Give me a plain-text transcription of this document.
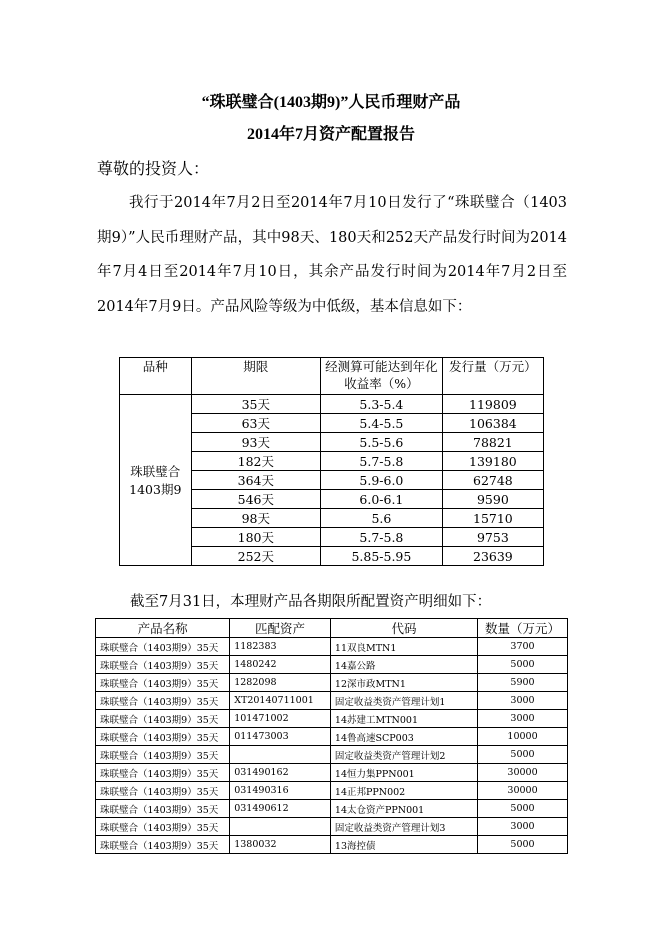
“珠联璧合(1403期9)”人民币理财产品
2014年7月资产配置报告
尊敬的投资人：
我行于2014年7月2日至2014年7月10日发行了“珠联璧合（1403期9）”人民币理财产品，其中98天、180天和252天产品发行时间为2014年7月4日至2014年7月10日，其余产品发行时间为2014年7月2日至2014年7月9日。产品风险等级为中低级，基本信息如下：
品种	期限	经测算可能达到年化收益率（%）	发行量（万元）
珠联璧合1403期9	35天	5.3-5.4	119809
	63天	5.4-5.5	106384
	93天	5.5-5.6	78821
	182天	5.7-5.8	139180
	364天	5.9-6.0	62748
	546天	6.0-6.1	9590
	98天	5.6	15710
	180天	5.7-5.8	9753
	252天	5.85-5.95	23639
截至7月31日，本理财产品各期限所配置资产明细如下：
产品名称	匹配资产	代码	数量（万元）
珠联璧合（1403期9）35天	1182383	11双良MTN1	3700
珠联璧合（1403期9）35天	1480242	14嘉公路	5000
珠联璧合（1403期9）35天	1282098	12深市政MTN1	5900
珠联璧合（1403期9）35天	XT20140711001	固定收益类资产管理计划1	3000
珠联璧合（1403期9）35天	101471002	14苏建工MTN001	3000
珠联璧合（1403期9）35天	011473003	14鲁高速SCP003	10000
珠联璧合（1403期9）35天		固定收益类资产管理计划2	5000
珠联璧合（1403期9）35天	031490162	14恒力集PPN001	30000
珠联璧合（1403期9）35天	031490316	14正邦PPN002	30000
珠联璧合（1403期9）35天	031490612	14太仓资产PPN001	5000
珠联璧合（1403期9）35天		固定收益类资产管理计划3	3000
珠联璧合（1403期9）35天	1380032	13海控债	5000
